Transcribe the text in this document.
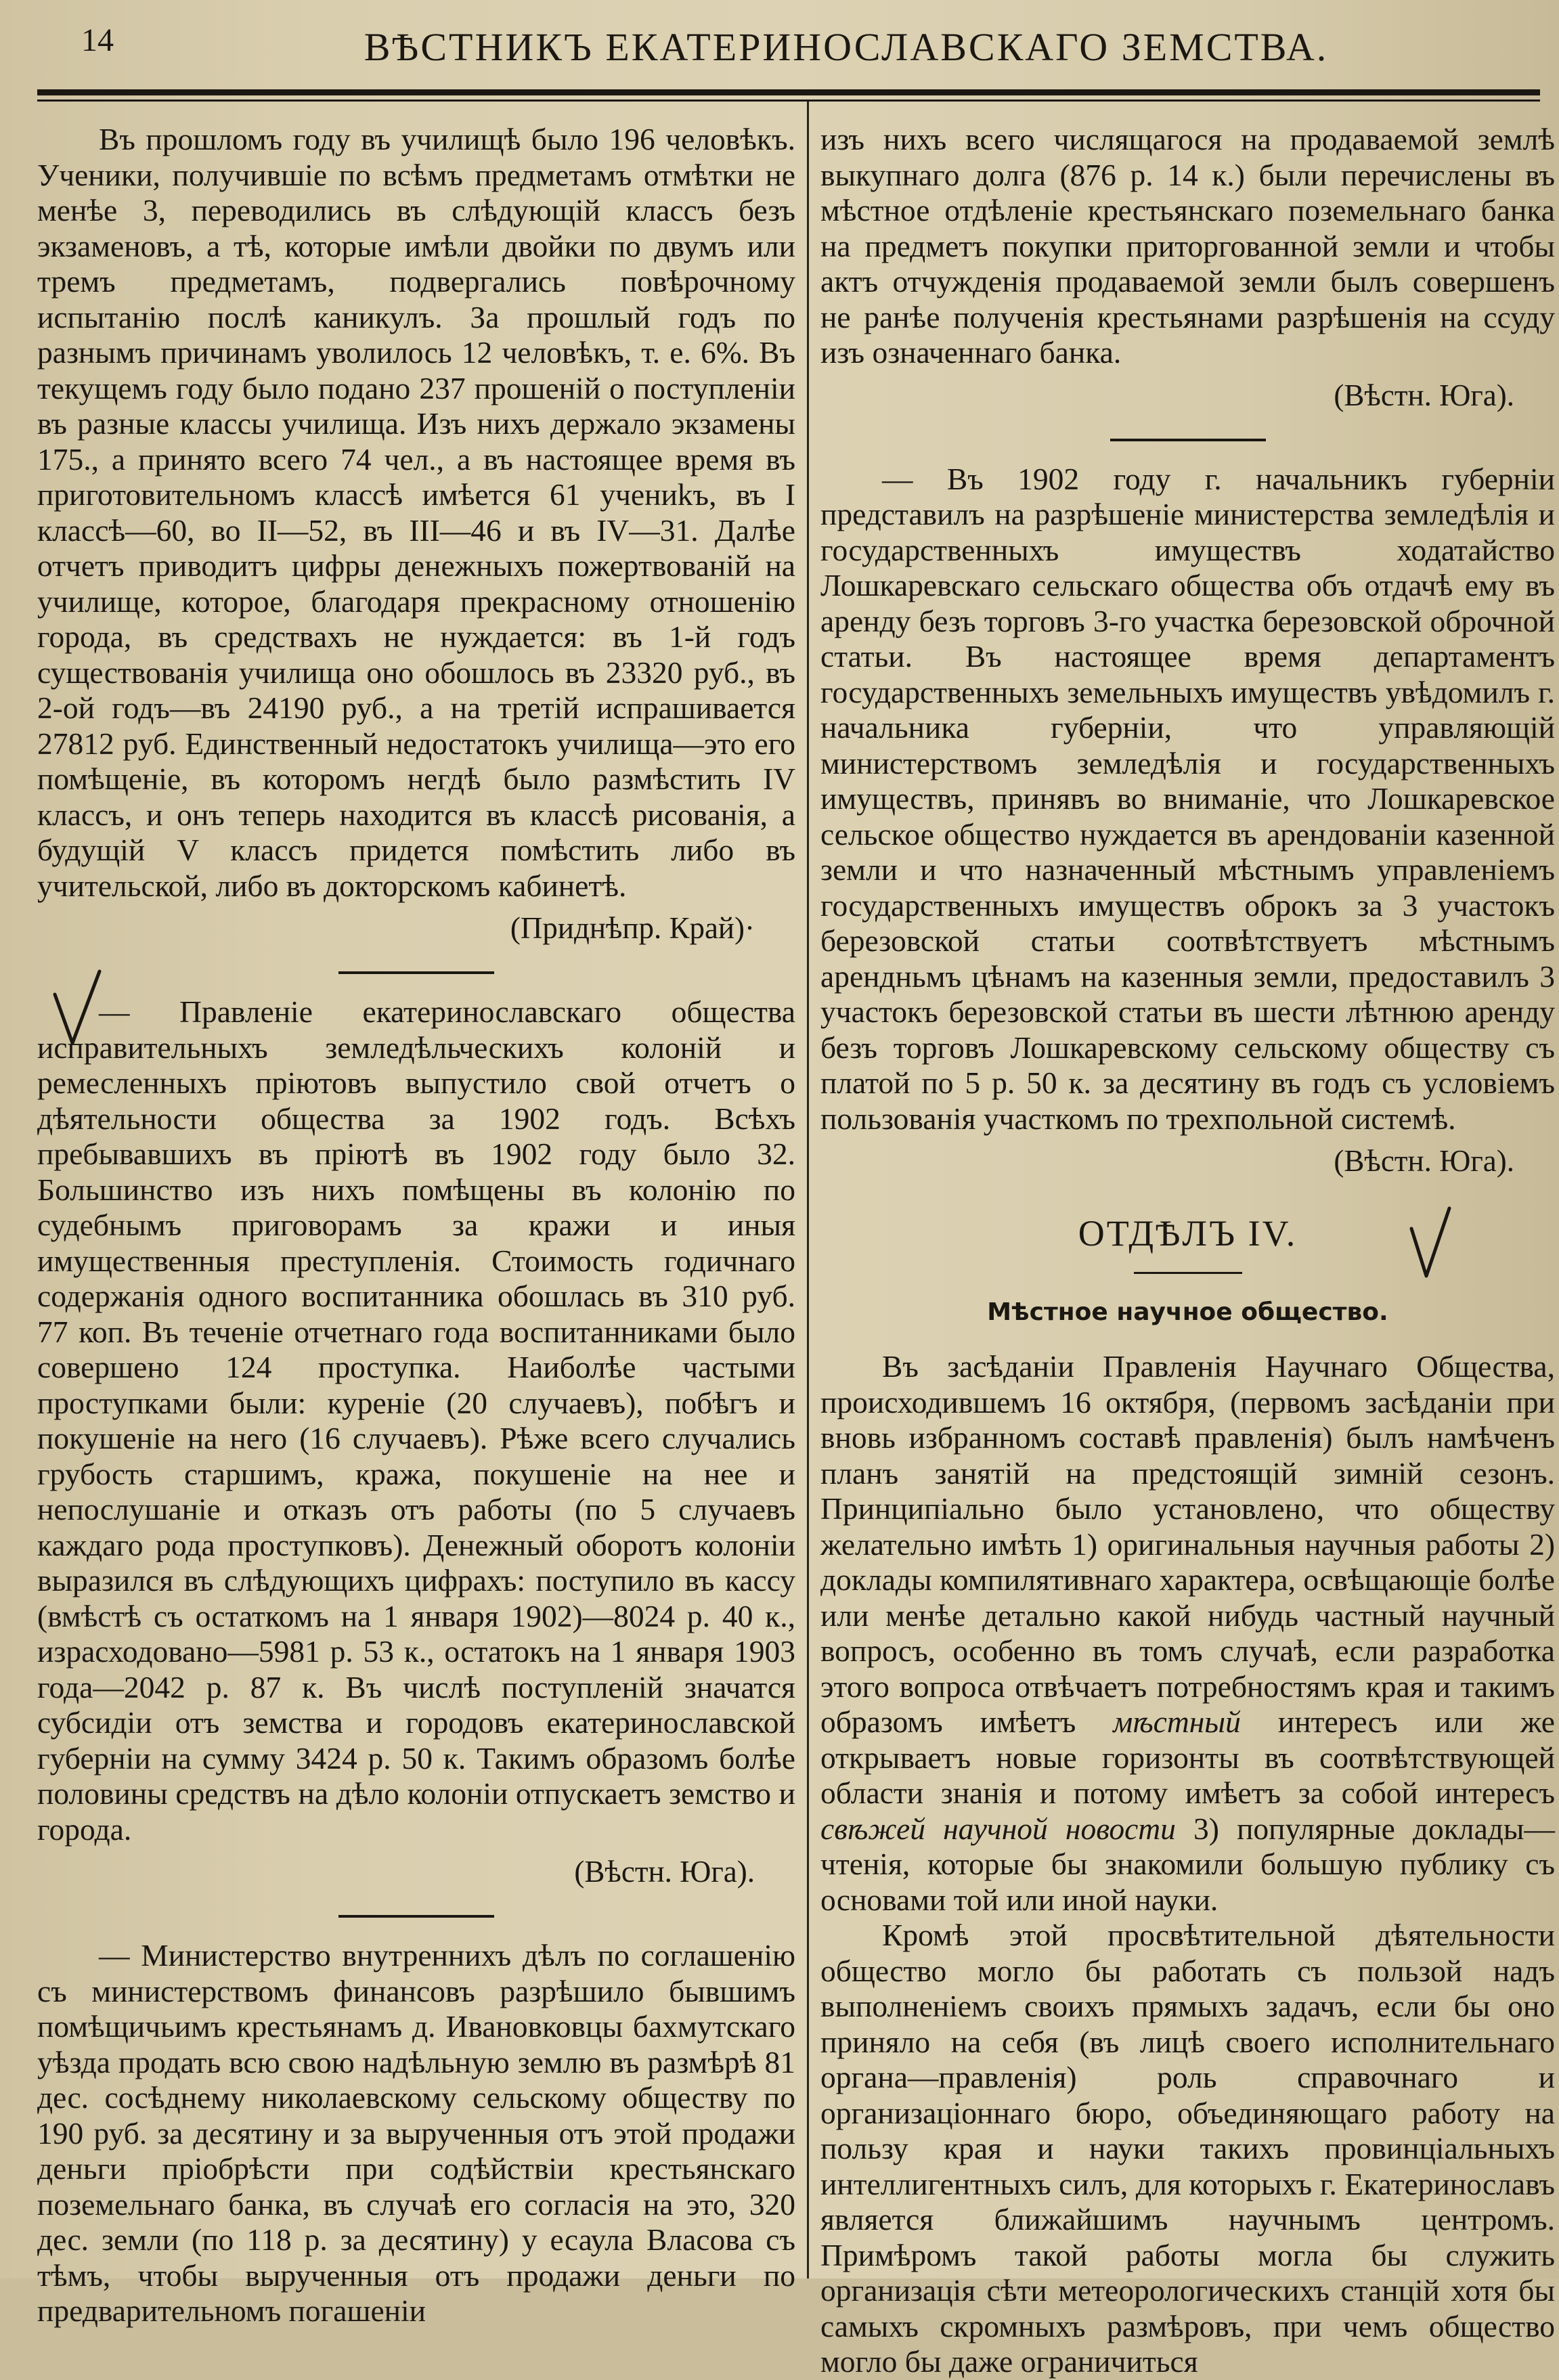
14	ВѢСТНИКЪ ЕКАТЕРИНОСЛАВСКАГО ЗЕМСТВА.

Въ прошломъ году въ училищѣ было 196 человѣкъ. Ученики, получившіе по всѣмъ предметамъ отмѣтки не менѣе 3, переводились въ слѣдующій классъ безъ экзаменовъ, а тѣ, которые имѣли двойки по двумъ или тремъ предметамъ, подвергались повѣрочному испытанію послѣ каникулъ. За прошлый годъ по разнымъ причинамъ уволилось 12 человѣкъ, т. е. 6%. Въ текущемъ году было подано 237 прошеній о поступленіи въ разные классы училища. Изъ нихъ держало экзамены 175., а принято всего 74 чел., а въ настоящее время въ приготовительномъ классѣ имѣется 61 учениkъ, въ I классѣ—60, во II—52, въ III—46 и въ IV—31. Далѣе отчетъ приводитъ цифры денежныхъ пожертвованій на училище, которое, благодаря прекрасному отношенію города, въ средствахъ не нуждается: въ 1-й годъ существованія училища оно обошлось въ 23320 руб., въ 2-ой годъ—въ 24190 руб., а на третій испрашивается 27812 руб. Единственный недостатокъ училища—это его помѣщеніе, въ которомъ негдѣ было размѣстить IV классъ, и онъ теперь находится въ классѣ рисованія, а будущій V классъ придется помѣстить либо въ учительской, либо въ докторскомъ кабинетѣ.

(Приднѣпр. Край)·

— Правленіе екатеринославскаго общества исправительныхъ земледѣльческихъ колоній и ремесленныхъ пріютовъ выпустило свой отчетъ о дѣятельности общества за 1902 годъ. Всѣхъ пребывавшихъ въ пріютѣ въ 1902 году было 32. Большинство изъ нихъ помѣщены въ колонію по судебнымъ приговорамъ за кражи и иныя имущественныя преступленія. Стоимость годичнаго содержанія одного воспитанника обошлась въ 310 руб. 77 коп. Въ теченіе отчетнаго года воспитанниками было совершено 124 проступка. Наиболѣе частыми проступками были: куреніе (20 случаевъ), побѣгъ и покушеніе на него (16 случаевъ). Рѣже всего случались грубость старшимъ, кража, покушеніе на нее и непослушаніе и отказъ отъ работы (по 5 случаевъ каждаго рода проступковъ). Денежный оборотъ колоніи выразился въ слѣдующихъ цифрахъ: поступило въ кассу (вмѣстѣ съ остаткомъ на 1 января 1902)—8024 р. 40 к., израсходовано—5981 р. 53 к., остатокъ на 1 января 1903 года—2042 р. 87 к. Въ числѣ поступленій значатся субсидіи отъ земства и городовъ екатеринославской губерніи на сумму 3424 р. 50 к. Такимъ образомъ болѣе половины средствъ на дѣло колоніи отпускаетъ земство и города.

(Вѣстн. Юга).

— Министерство внутреннихъ дѣлъ по соглашенію съ министерствомъ финансовъ разрѣшило бывшимъ помѣщичьимъ крестьянамъ д. Ивановковцы бахмутскаго уѣзда продать всю свою надѣльную землю въ размѣрѣ 81 дес. сосѣднему николаевскому сельскому обществу по 190 руб. за десятину и за вырученныя отъ этой продажи деньги пріобрѣсти при содѣйствіи крестьянскаго поземельнаго банка, въ случаѣ его согласія на это, 320 дес. земли (по 118 р. за десятину) у есаула Власова съ тѣмъ, чтобы вырученныя отъ продажи деньги по предварительномъ погашеніи

изъ нихъ всего числящагося на продаваемой землѣ выкупнаго долга (876 р. 14 к.) были перечислены въ мѣстное отдѣленіе крестьянскаго поземельнаго банка на предметъ покупки приторгованной земли и чтобы актъ отчужденія продаваемой земли былъ совершенъ не ранѣе полученія крестьянами разрѣшенія на ссуду изъ означеннаго банка.

(Вѣстн. Юга).

— Въ 1902 году г. начальникъ губерніи представилъ на разрѣшеніе министерства земледѣлія и государственныхъ имуществъ ходатайство Лошкаревскаго сельскаго общества объ отдачѣ ему въ аренду безъ торговъ 3-го участка березовской оброчной статьи. Въ настоящее время департаментъ государственныхъ земельныхъ имуществъ увѣдомилъ г. начальника губерніи, что управляющій министерствомъ земледѣлія и государственныхъ имуществъ, принявъ во вниманіе, что Лошкаревское сельское общество нуждается въ арендованіи казенной земли и что назначенный мѣстнымъ управленіемъ государственныхъ имуществъ оброкъ за 3 участокъ березовской статьи соотвѣтствуетъ мѣстнымъ арендньмъ цѣнамъ на казенныя земли, предоставилъ 3 участокъ березовской статьи въ шести лѣтнюю аренду безъ торговъ Лошкаревскому сельскому обществу съ платой по 5 р. 50 к. за десятину въ годъ съ условіемъ пользованія участкомъ по трехпольной системѣ.

(Вѣстн. Юга).
ОТДѢЛЪ IV.
Мѣстное научное общество.

Въ засѣданіи Правленія Научнаго Общества, происходившемъ 16 октября, (первомъ засѣданіи при вновь избранномъ составѣ правленія) былъ намѣченъ планъ занятій на предстоящій зимній сезонъ. Принципіально было установлено, что обществу желательно имѣть 1) оригинальныя научныя работы 2) доклады компилятивнаго характера, освѣщающіе болѣе или менѣе детально какой нибудь частный научный вопросъ, особенно въ томъ случаѣ, если разработка этого вопроса отвѣчаетъ потребностямъ края и такимъ образомъ имѣетъ мѣстный интересъ или же открываетъ новые горизонты въ соотвѣтствующей области знанія и потому имѣетъ за собой интересъ свѣжей научной новости 3) популярные доклады—чтенія, которые бы знакомили большую публику съ основами той или иной науки.

Кромѣ этой просвѣтительной дѣятельности общество могло бы работать съ пользой надъ выполненіемъ своихъ прямыхъ задачъ, если бы оно приняло на себя (въ лицѣ своего исполнительнаго органа—правленія) роль справочнаго и организаціоннаго бюро, объединяющаго работу на пользу края и науки такихъ провинціальныхъ интеллигентныхъ силъ, для которыхъ г. Екатеринославъ является ближайшимъ научнымъ центромъ. Примѣромъ такой работы могла бы служить организація сѣти метеорологическихъ станцій хотя бы самыхъ скромныхъ размѣровъ, при чемъ общество могло бы даже ограничиться
